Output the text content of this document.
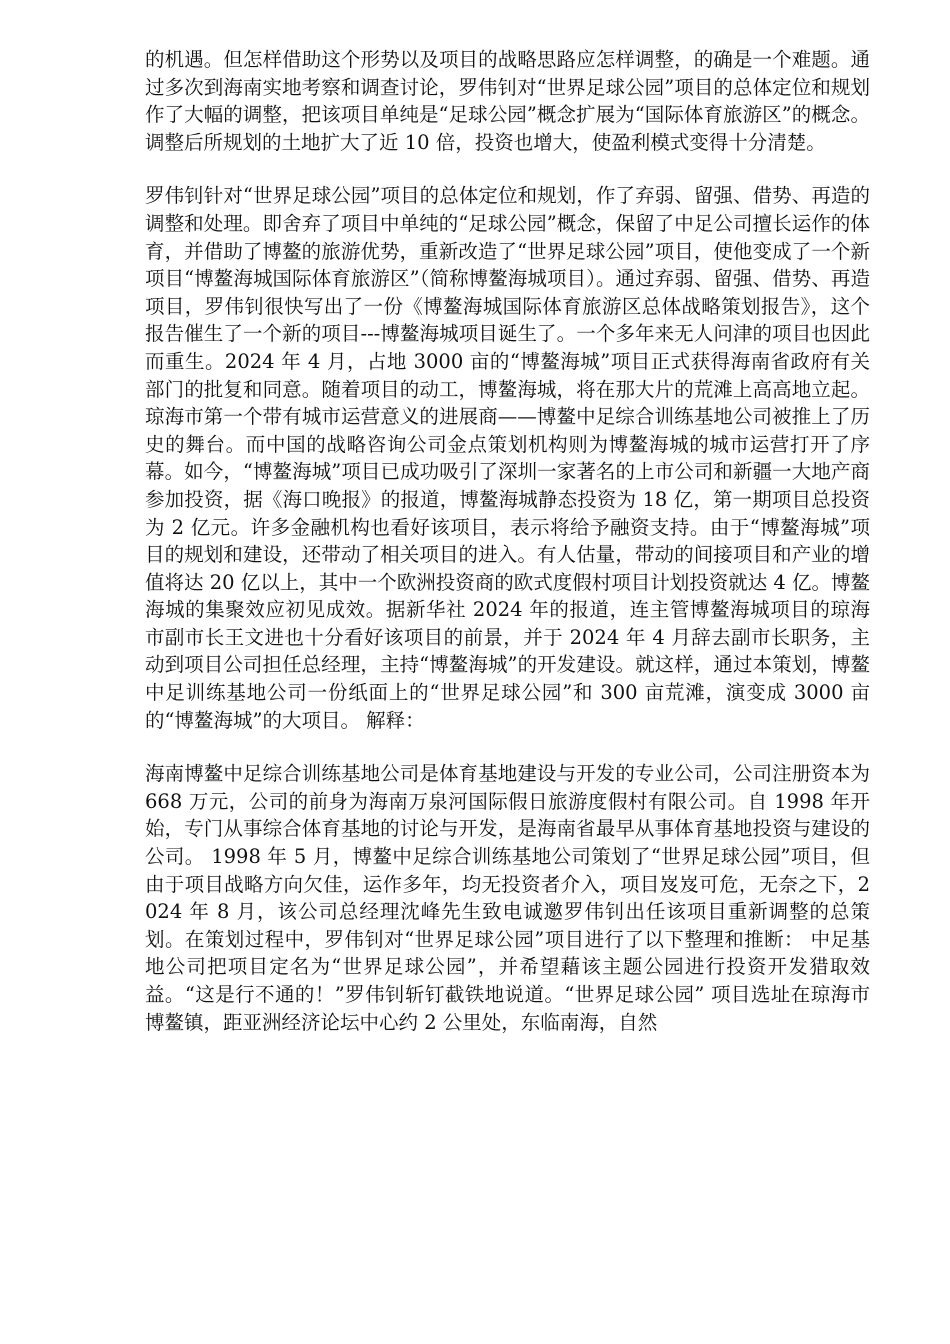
的机遇。但怎样借助这个形势以及项目的战略思路应怎样调整，的确是一个难题。通过多次到海南实地考察和调查讨论，罗伟钊对“世界足球公园”项目的总体定位和规划作了大幅的调整，把该项目单纯是“足球公园”概念扩展为“国际体育旅游区”的概念。调整后所规划的土地扩大了近 10 倍，投资也增大，使盈利模式变得十分清楚。

罗伟钊针对“世界足球公园”项目的总体定位和规划，作了弃弱、留强、借势、再造的调整和处理。即舍弃了项目中单纯的“足球公园”概念，保留了中足公司擅长运作的体育，并借助了博鳌的旅游优势，重新改造了“世界足球公园”项目，使他变成了一个新项目“博鳌海城国际体育旅游区”（简称博鳌海城项目）。通过弃弱、留强、借势、再造项目，罗伟钊很快写出了一份《博鳌海城国际体育旅游区总体战略策划报告》，这个报告催生了一个新的项目---博鳌海城项目诞生了。一个多年来无人问津的项目也因此而重生。2024 年 4 月，占地 3000 亩的“博鳌海城”项目正式获得海南省政府有关部门的批复和同意。随着项目的动工，博鳌海城，将在那大片的荒滩上高高地立起。琼海市第一个带有城市运营意义的进展商——博鳌中足综合训练基地公司被推上了历史的舞台。而中国的战略咨询公司金点策划机构则为博鳌海城的城市运营打开了序幕。如今，“博鳌海城”项目已成功吸引了深圳一家著名的上市公司和新疆一大地产商参加投资，据《海口晚报》的报道，博鳌海城静态投资为 18 亿，第一期项目总投资为 2 亿元。许多金融机构也看好该项目，表示将给予融资支持。由于“博鳌海城”项目的规划和建设，还带动了相关项目的进入。有人估量，带动的间接项目和产业的增值将达 20 亿以上，其中一个欧洲投资商的欧式度假村项目计划投资就达 4 亿。博鳌海城的集聚效应初见成效。据新华社 2024 年的报道，连主管博鳌海城项目的琼海市副市长王文进也十分看好该项目的前景，并于 2024 年 4 月辞去副市长职务，主动到项目公司担任总经理，主持“博鳌海城”的开发建设。就这样，通过本策划，博鳌中足训练基地公司一份纸面上的“世界足球公园”和 300 亩荒滩，演变成 3000 亩的“博鳌海城”的大项目。 解释：

海南博鳌中足综合训练基地公司是体育基地建设与开发的专业公司，公司注册资本为 668 万元，公司的前身为海南万泉河国际假日旅游度假村有限公司。自 1998 年开始，专门从事综合体育基地的讨论与开发，是海南省最早从事体育基地投资与建设的公司。 1998 年 5 月，博鳌中足综合训练基地公司策划了“世界足球公园”项目，但由于项目战略方向欠佳，运作多年，均无投资者介入，项目岌岌可危，无奈之下，2024 年 8 月，该公司总经理沈峰先生致电诚邀罗伟钊出任该项目重新调整的总策划。在策划过程中，罗伟钊对“世界足球公园”项目进行了以下整理和推断： 中足基地公司把项目定名为“世界足球公园”，并希望藉该主题公园进行投资开发猎取效益。“这是行不通的！”罗伟钊斩钉截铁地说道。“世界足球公园” 项目选址在琼海市博鳌镇，距亚洲经济论坛中心约 2 公里处，东临南海，自然
